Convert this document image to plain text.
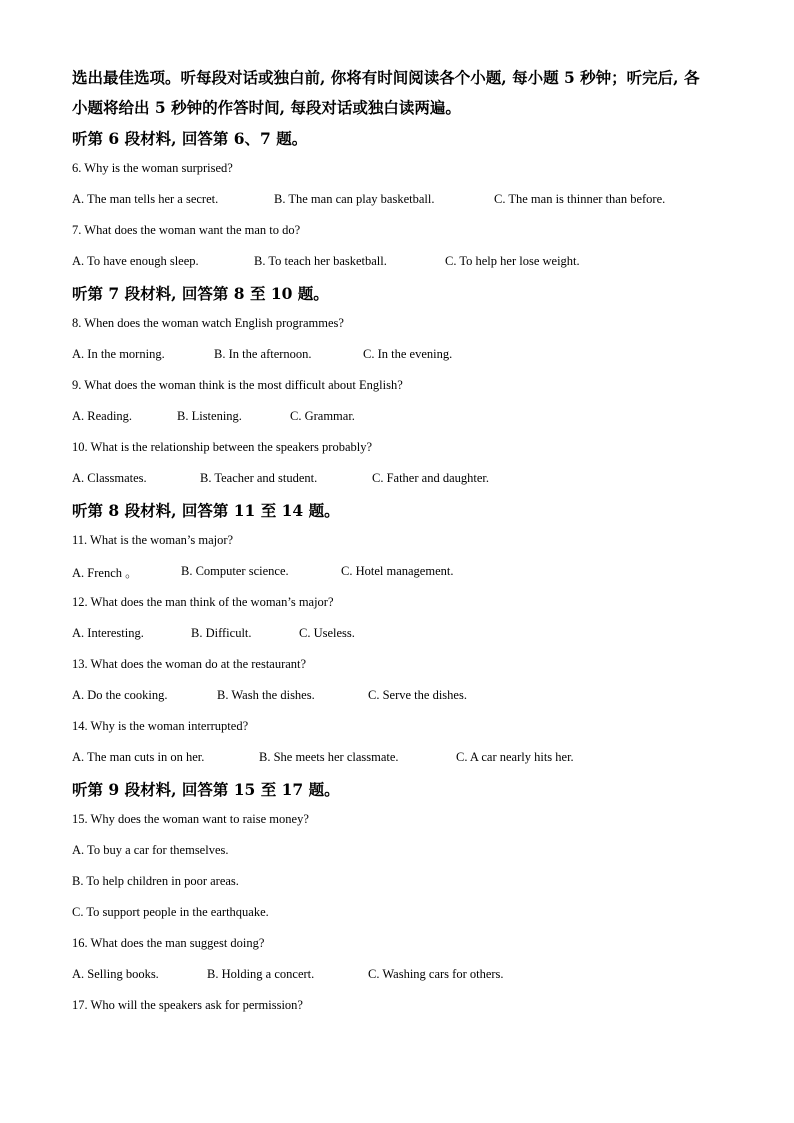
选出最佳选项。听每段对话或独白前, 你将有时间阅读各个小题, 每小题 5 秒钟；听完后, 各
小题将给出 5 秒钟的作答时间, 每段对话或独白读两遍。
听第 6 段材料, 回答第 6、7 题。
6. Why is the woman surprised?
A. The man tells her a secret.	B. The man can play basketball.	C. The man is thinner than before.
7. What does the woman want the man to do?
A. To have enough sleep.	B. To teach her basketball.	C. To help her lose weight.
听第 7 段材料, 回答第 8 至 10 题。
8. When does the woman watch English programmes?
A. In the morning.	B. In the afternoon.	C. In the evening.
9. What does the woman think is the most difficult about English?
A. Reading.	B. Listening.	C. Grammar.
10. What is the relationship between the speakers probably?
A. Classmates.	B. Teacher and student.	C. Father and daughter.
听第 8 段材料, 回答第 11 至 14 题。
11. What is the woman’s major?
A. French 。	B. Computer science.	C. Hotel management.
12. What does the man think of the woman’s major?
A. Interesting.	B. Difficult.	C. Useless.
13. What does the woman do at the restaurant?
A. Do the cooking.	B. Wash the dishes.	C. Serve the dishes.
14. Why is the woman interrupted?
A. The man cuts in on her.	B. She meets her classmate.	C. A car nearly hits her.
听第 9 段材料, 回答第 15 至 17 题。
15. Why does the woman want to raise money?
A. To buy a car for themselves.
B. To help children in poor areas.
C. To support people in the earthquake.
16. What does the man suggest doing?
A. Selling books.	B. Holding a concert.	C. Washing cars for others.
17. Who will the speakers ask for permission?
